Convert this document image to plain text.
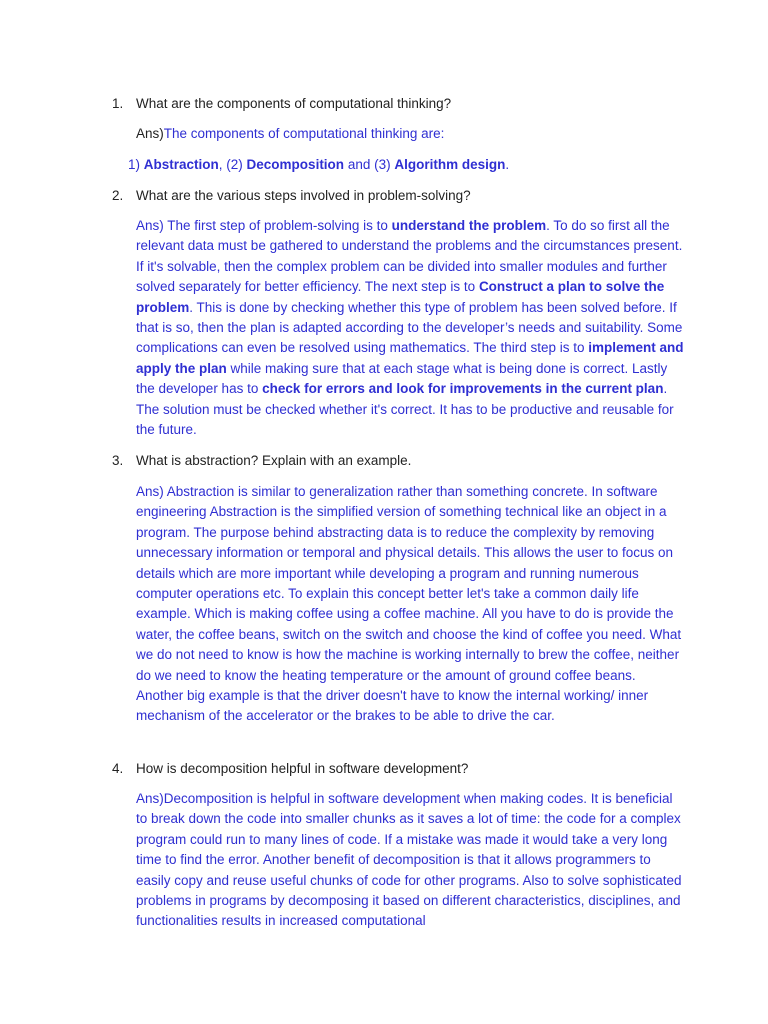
1. What are the components of computational thinking?
Ans)The components of computational thinking are:
1) Abstraction, (2) Decomposition and (3) Algorithm design.
2. What are the various steps involved in problem-solving?
Ans) The first step of problem-solving is to understand the problem. To do so first all the relevant data must be gathered to understand the problems and the circumstances present. If it's solvable, then the complex problem can be divided into smaller modules and further solved separately for better efficiency. The next step is to Construct a plan to solve the problem. This is done by checking whether this type of problem has been solved before. If that is so, then the plan is adapted according to the developer’s needs and suitability. Some complications can even be resolved using mathematics. The third step is to implement and apply the plan while making sure that at each stage what is being done is correct. Lastly the developer has to check for errors and look for improvements in the current plan. The solution must be checked whether it's correct. It has to be productive and reusable for the future.
3. What is abstraction? Explain with an example.
Ans) Abstraction is similar to generalization rather than something concrete. In software engineering Abstraction is the simplified version of something technical like an object in a program. The purpose behind abstracting data is to reduce the complexity by removing unnecessary information or temporal and physical details. This allows the user to focus on details which are more important while developing a program and running numerous computer operations etc. To explain this concept better let's take a common daily life example. Which is making coffee using a coffee machine. All you have to do is provide the water, the coffee beans, switch on the switch and choose the kind of coffee you need. What we do not need to know is how the machine is working internally to brew the coffee, neither do we need to know the heating temperature or the amount of ground coffee beans. Another big example is that the driver doesn't have to know the internal working/ inner mechanism of the accelerator or the brakes to be able to drive the car.
4. How is decomposition helpful in software development?
Ans)Decomposition is helpful in software development when making codes. It is beneficial to break down the code into smaller chunks as it saves a lot of time: the code for a complex program could run to many lines of code. If a mistake was made it would take a very long time to find the error. Another benefit of decomposition is that it allows programmers to easily copy and reuse useful chunks of code for other programs. Also to solve sophisticated problems in programs by decomposing it based on different characteristics, disciplines, and functionalities results in increased computational
